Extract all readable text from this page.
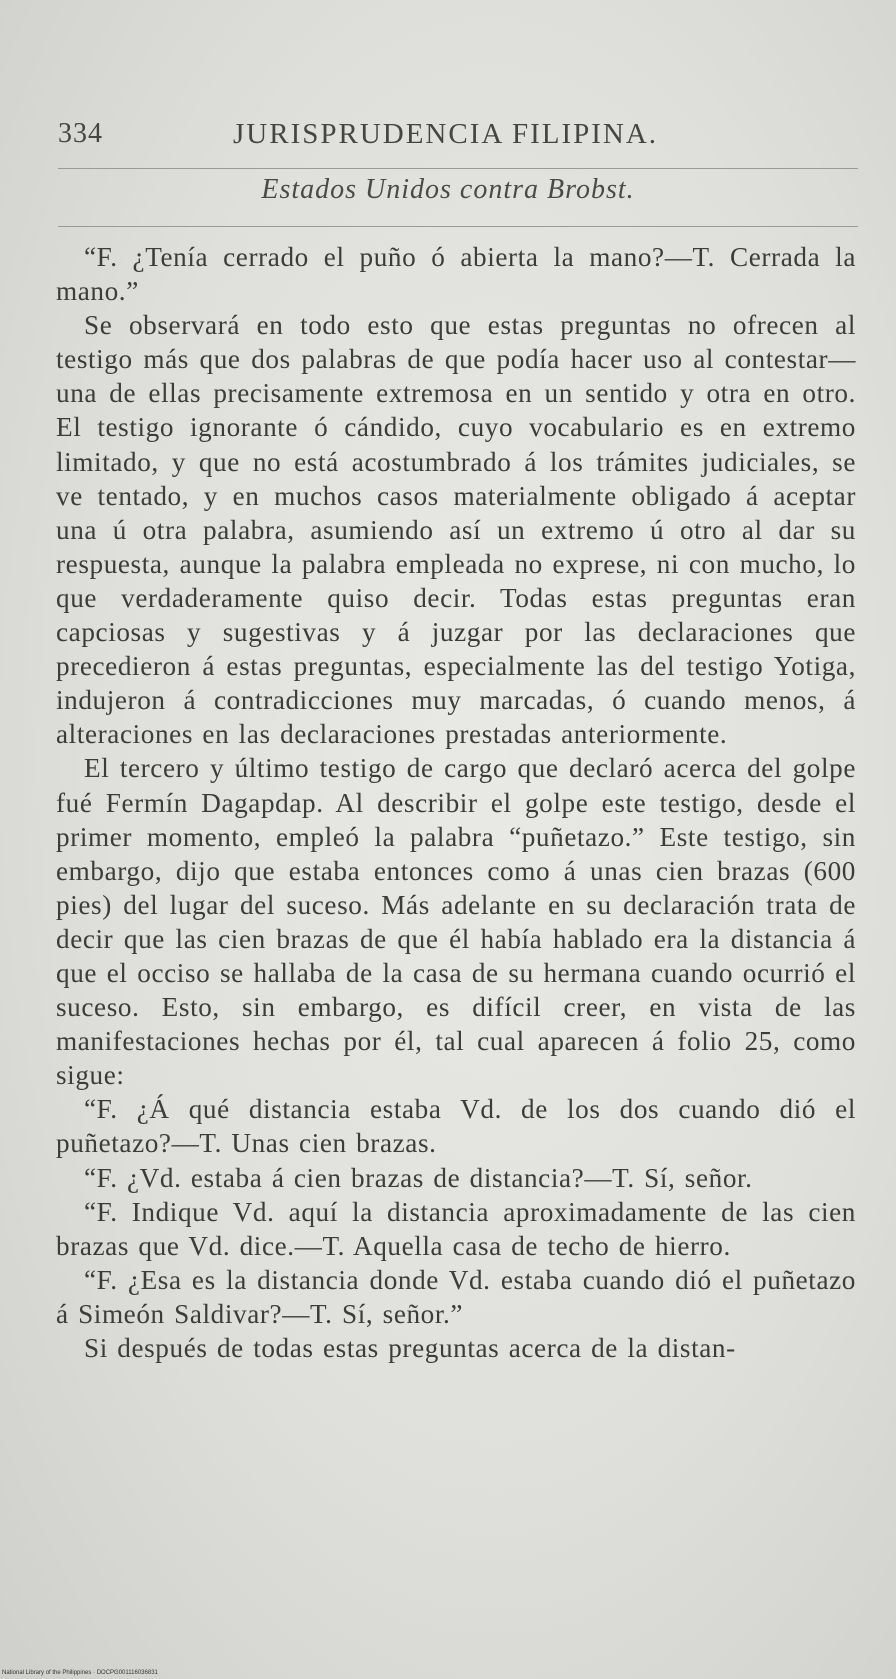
334	JURISPRUDENCIA FILIPINA.
Estados Unidos contra Brobst.

“F. ¿Tenía cerrado el puño ó abierta la mano?—T. Cerrada la mano.”

Se observará en todo esto que estas preguntas no ofrecen al testigo más que dos palabras de que podía hacer uso al contestar—una de ellas precisamente extremosa en un sentido y otra en otro. El testigo ignorante ó cándido, cuyo vocabulario es en extremo limitado, y que no está acostumbrado á los trámites judiciales, se ve tentado, y en muchos casos materialmente obligado á aceptar una ú otra palabra, asumiendo así un extremo ú otro al dar su respuesta, aunque la palabra empleada no exprese, ni con mucho, lo que verdaderamente quiso decir. Todas estas preguntas eran capciosas y sugestivas y á juzgar por las declaraciones que precedieron á estas preguntas, especialmente las del testigo Yotiga, indujeron á contradicciones muy marcadas, ó cuando menos, á alteraciones en las declaraciones prestadas anteriormente.

El tercero y último testigo de cargo que declaró acerca del golpe fué Fermín Dagapdap. Al describir el golpe este testigo, desde el primer momento, empleó la palabra “puñetazo.” Este testigo, sin embargo, dijo que estaba entonces como á unas cien brazas (600 pies) del lugar del suceso. Más adelante en su declaración trata de decir que las cien brazas de que él había hablado era la distancia á que el occiso se hallaba de la casa de su hermana cuando ocurrió el suceso. Esto, sin embargo, es difícil creer, en vista de las manifestaciones hechas por él, tal cual aparecen á folio 25, como sigue:

“F. ¿Á qué distancia estaba Vd. de los dos cuando dió el puñetazo?—T. Unas cien brazas.

“F. ¿Vd. estaba á cien brazas de distancia?—T. Sí, señor.

“F. Indique Vd. aquí la distancia aproximadamente de las cien brazas que Vd. dice.—T. Aquella casa de techo de hierro.

“F. ¿Esa es la distancia donde Vd. estaba cuando dió el puñetazo á Simeón Saldivar?—T. Sí, señor.”

Si después de todas estas preguntas acerca de la distan-

National Library of the Philippines · DOCPG001116036831
